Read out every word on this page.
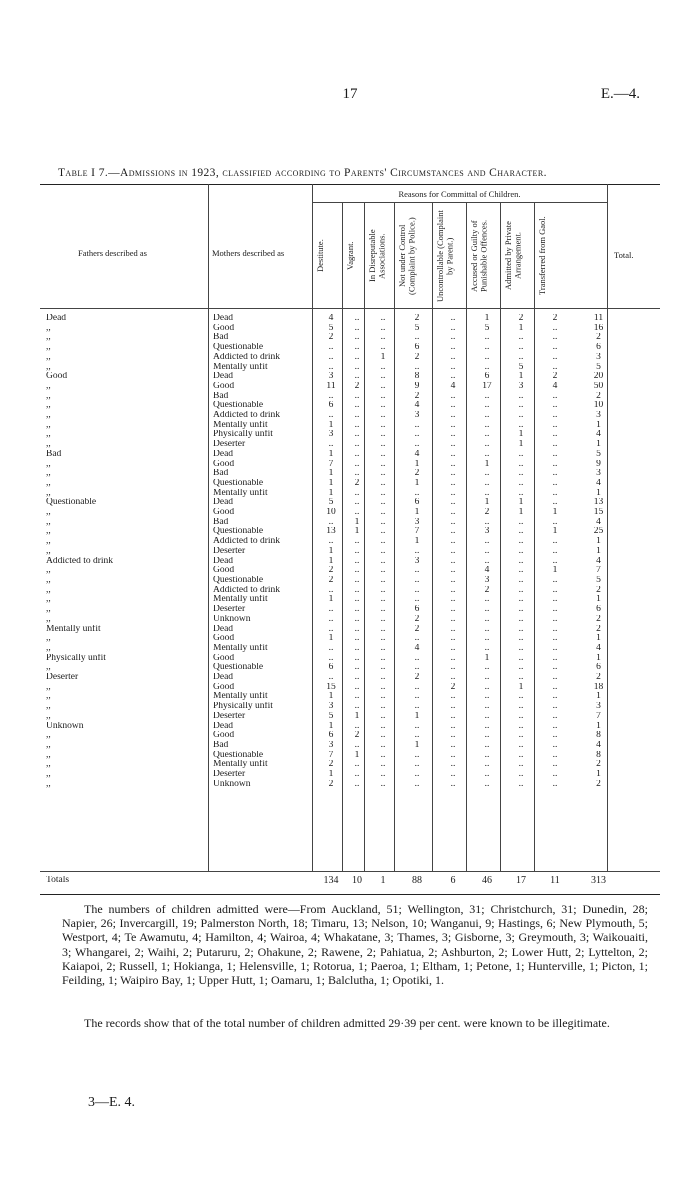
17	E.—4.
Table I 7.—Admissions in 1923, classified according to Parents' Circumstances and Character.
Reasons for Committal of Children.
Fathers described as	Mothers described as	Total.
Destitute.	Vagrant.	In Disreputable Associations.	Not under Control (Complaint by Police.)	Uncontrollable (Complaint by Parent.)	Accused or Guilty of Punishable Offences.	Admitted by Private Arrangement.	Transferred from Gaol.
Dead	Dead	4	..	..	2	..	1	2	2	11
,,	Good	5	..	..	5	..	5	1	..	16
,,	Bad	2	..	..	..	..	..	..	..	2
,,	Questionable	..	..	..	6	..	..	..	..	6
,,	Addicted to drink	..	..	1	2	..	..	..	..	3
,,	Mentally unfit	..	..	..	..	..	..	5	..	5
Good	Dead	3	..	..	8	..	6	1	2	20
,,	Good	11	2	..	9	4	17	3	4	50
,,	Bad	..	..	..	2	..	..	..	..	2
,,	Questionable	6	..	..	4	..	..	..	..	10
,,	Addicted to drink	..	..	..	3	..	..	..	..	3
,,	Mentally unfit	1	..	..	..	..	..	..	..	1
,,	Physically unfit	3	..	..	..	..	..	1	..	4
,,	Deserter	..	..	..	..	..	..	1	..	1
Bad	Dead	1	..	..	4	..	..	..	..	5
,,	Good	7	..	..	1	..	1	..	..	9
,,	Bad	1	..	..	2	..	..	..	..	3
,,	Questionable	1	2	..	1	..	..	..	..	4
,,	Mentally unfit	1	..	..	..	..	..	..	..	1
Questionable	Dead	5	..	..	6	..	1	1	..	13
,,	Good	10	..	..	1	..	2	1	1	15
,,	Bad	..	1	..	3	..	..	..	..	4
,,	Questionable	13	1	..	7	..	3	..	1	25
,,	Addicted to drink	..	..	..	1	..	..	..	..	1
,,	Deserter	1	..	..	..	..	..	..	..	1
Addicted to drink	Dead	1	..	..	3	..	..	..	..	4
,,	Good	2	..	..	..	..	4	..	1	7
,,	Questionable	2	..	..	..	..	3	..	..	5
,,	Addicted to drink	..	..	..	..	..	2	..	..	2
,,	Mentally unfit	1	..	..	..	..	..	..	..	1
,,	Deserter	..	..	..	6	..	..	..	..	6
,,	Unknown	..	..	..	2	..	..	..	..	2
Mentally unfit	Dead	..	..	..	2	..	..	..	..	2
,,	Good	1	..	..	..	..	..	..	..	1
,,	Mentally unfit	..	..	..	4	..	..	..	..	4
Physically unfit	Good	..	..	..	..	..	1	..	..	1
,,	Questionable	6	..	..	..	..	..	..	..	6
Deserter	Dead	..	..	..	2	..	..	..	..	2
,,	Good	15	..	..	..	2	..	1	..	18
,,	Mentally unfit	1	..	..	..	..	..	..	..	1
,,	Physically unfit	3	..	..	..	..	..	..	..	3
,,	Deserter	5	1	..	1	..	..	..	..	7
Unknown	Dead	1	..	..	..	..	..	..	..	1
,,	Good	6	2	..	..	..	..	..	..	8
,,	Bad	3	..	..	1	..	..	..	..	4
,,	Questionable	7	1	..	..	..	..	..	..	8
,,	Mentally unfit	2	..	..	..	..	..	..	..	2
,,	Deserter	1	..	..	..	..	..	..	..	1
,,	Unknown	2	..	..	..	..	..	..	..	2
Totals		134	10	1	88	6	46	17	11	313
The numbers of children admitted were—From Auckland, 51; Wellington, 31; Christchurch, 31; Dunedin, 28; Napier, 26; Invercargill, 19; Palmerston North, 18; Timaru, 13; Nelson, 10; Wanganui, 9; Hastings, 6; New Plymouth, 5; Westport, 4; Te Awamutu, 4; Hamilton, 4; Wairoa, 4; Whakatane, 3; Thames, 3; Gisborne, 3; Greymouth, 3; Waikouaiti, 3; Whangarei, 2; Waihi, 2; Putaruru, 2; Ohakune, 2; Rawene, 2; Pahiatua, 2; Ashburton, 2; Lower Hutt, 2; Lyttelton, 2; Kaiapoi, 2; Russell, 1; Hokianga, 1; Helensville, 1; Rotorua, 1; Paeroa, 1; Eltham, 1; Petone, 1; Hunterville, 1; Picton, 1; Feilding, 1; Waipiro Bay, 1; Upper Hutt, 1; Oamaru, 1; Balclutha, 1; Opotiki, 1.
The records show that of the total number of children admitted 29·39 per cent. were known to be illegitimate.
3—E. 4.
